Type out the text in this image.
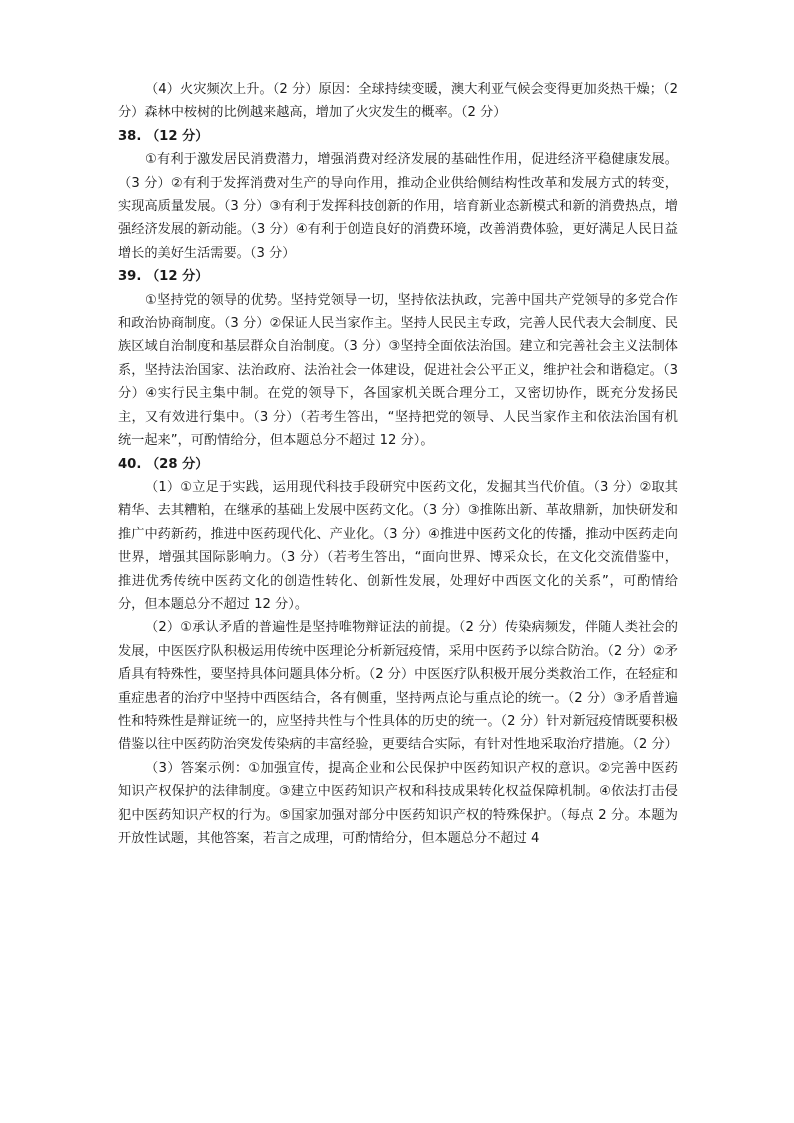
（4）火灾频次上升。（2 分）原因：全球持续变暖，澳大利亚气候会变得更加炎热干燥；（2 分）森林中桉树的比例越来越高，增加了火灾发生的概率。（2 分）

38. （12 分）

①有利于激发居民消费潜力，增强消费对经济发展的基础性作用，促进经济平稳健康发展。（3 分）②有利于发挥消费对生产的导向作用，推动企业供给侧结构性改革和发展方式的转变，实现高质量发展。（3 分）③有利于发挥科技创新的作用，培育新业态新模式和新的消费热点，增强经济发展的新动能。（3 分）④有利于创造良好的消费环境，改善消费体验，更好满足人民日益增长的美好生活需要。（3 分）

39. （12 分）

①坚持党的领导的优势。坚持党领导一切，坚持依法执政，完善中国共产党领导的多党合作和政治协商制度。（3 分）②保证人民当家作主。坚持人民民主专政，完善人民代表大会制度、民族区域自治制度和基层群众自治制度。（3 分）③坚持全面依法治国。建立和完善社会主义法制体系，坚持法治国家、法治政府、法治社会一体建设，促进社会公平正义，维护社会和谐稳定。（3 分）④实行民主集中制。在党的领导下，各国家机关既合理分工，又密切协作，既充分发扬民主，又有效进行集中。（3 分）（若考生答出，“坚持把党的领导、人民当家作主和依法治国有机统一起来”，可酌情给分，但本题总分不超过 12 分）。

40. （28 分）

（1）①立足于实践，运用现代科技手段研究中医药文化，发掘其当代价值。（3 分）②取其精华、去其糟粕，在继承的基础上发展中医药文化。（3 分）③推陈出新、革故鼎新，加快研发和推广中药新药，推进中医药现代化、产业化。（3 分）④推进中医药文化的传播，推动中医药走向世界，增强其国际影响力。（3 分）（若考生答出，“面向世界、博采众长，在文化交流借鉴中，推进优秀传统中医药文化的创造性转化、创新性发展，处理好中西医文化的关系”，可酌情给分，但本题总分不超过 12 分）。

（2）①承认矛盾的普遍性是坚持唯物辩证法的前提。（2 分）传染病频发，伴随人类社会的发展，中医医疗队积极运用传统中医理论分析新冠疫情，采用中医药予以综合防治。（2 分）②矛盾具有特殊性，要坚持具体问题具体分析。（2 分）中医医疗队积极开展分类救治工作，在轻症和重症患者的治疗中坚持中西医结合，各有侧重，坚持两点论与重点论的统一。（2 分）③矛盾普遍性和特殊性是辩证统一的，应坚持共性与个性具体的历史的统一。（2 分）针对新冠疫情既要积极借鉴以往中医药防治突发传染病的丰富经验，更要结合实际，有针对性地采取治疗措施。（2 分）

（3）答案示例：①加强宣传，提高企业和公民保护中医药知识产权的意识。②完善中医药知识产权保护的法律制度。③建立中医药知识产权和科技成果转化权益保障机制。④依法打击侵犯中医药知识产权的行为。⑤国家加强对部分中医药知识产权的特殊保护。（每点 2 分。本题为开放性试题，其他答案，若言之成理，可酌情给分，但本题总分不超过 4
